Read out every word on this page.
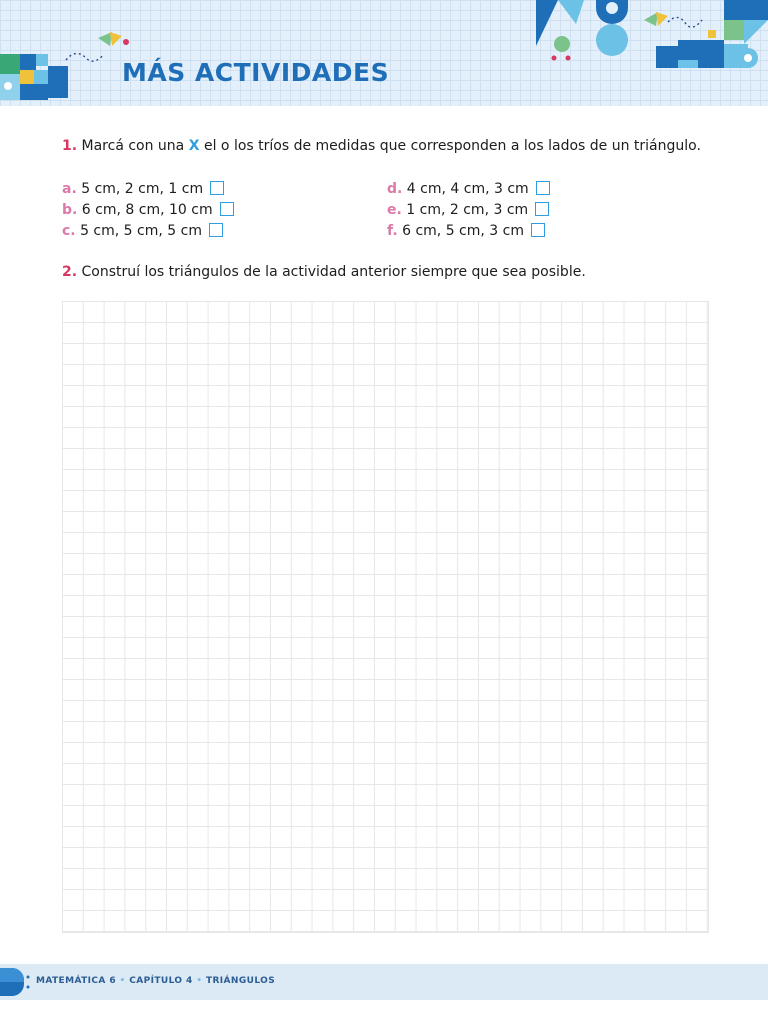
MÁS ACTIVIDADES
1. Marcá con una X el o los tríos de medidas que corresponden a los lados de un triángulo.
a. 5 cm, 2 cm, 1 cm
b. 6 cm, 8 cm, 10 cm
c. 5 cm, 5 cm, 5 cm
d. 4 cm, 4 cm, 3 cm
e. 1 cm, 2 cm, 3 cm
f. 6 cm, 5 cm, 3 cm
2. Construí los triángulos de la actividad anterior siempre que sea posible.
MATEMÁTICA 6 • CAPÍTULO 4 • TRIÁNGULOS
